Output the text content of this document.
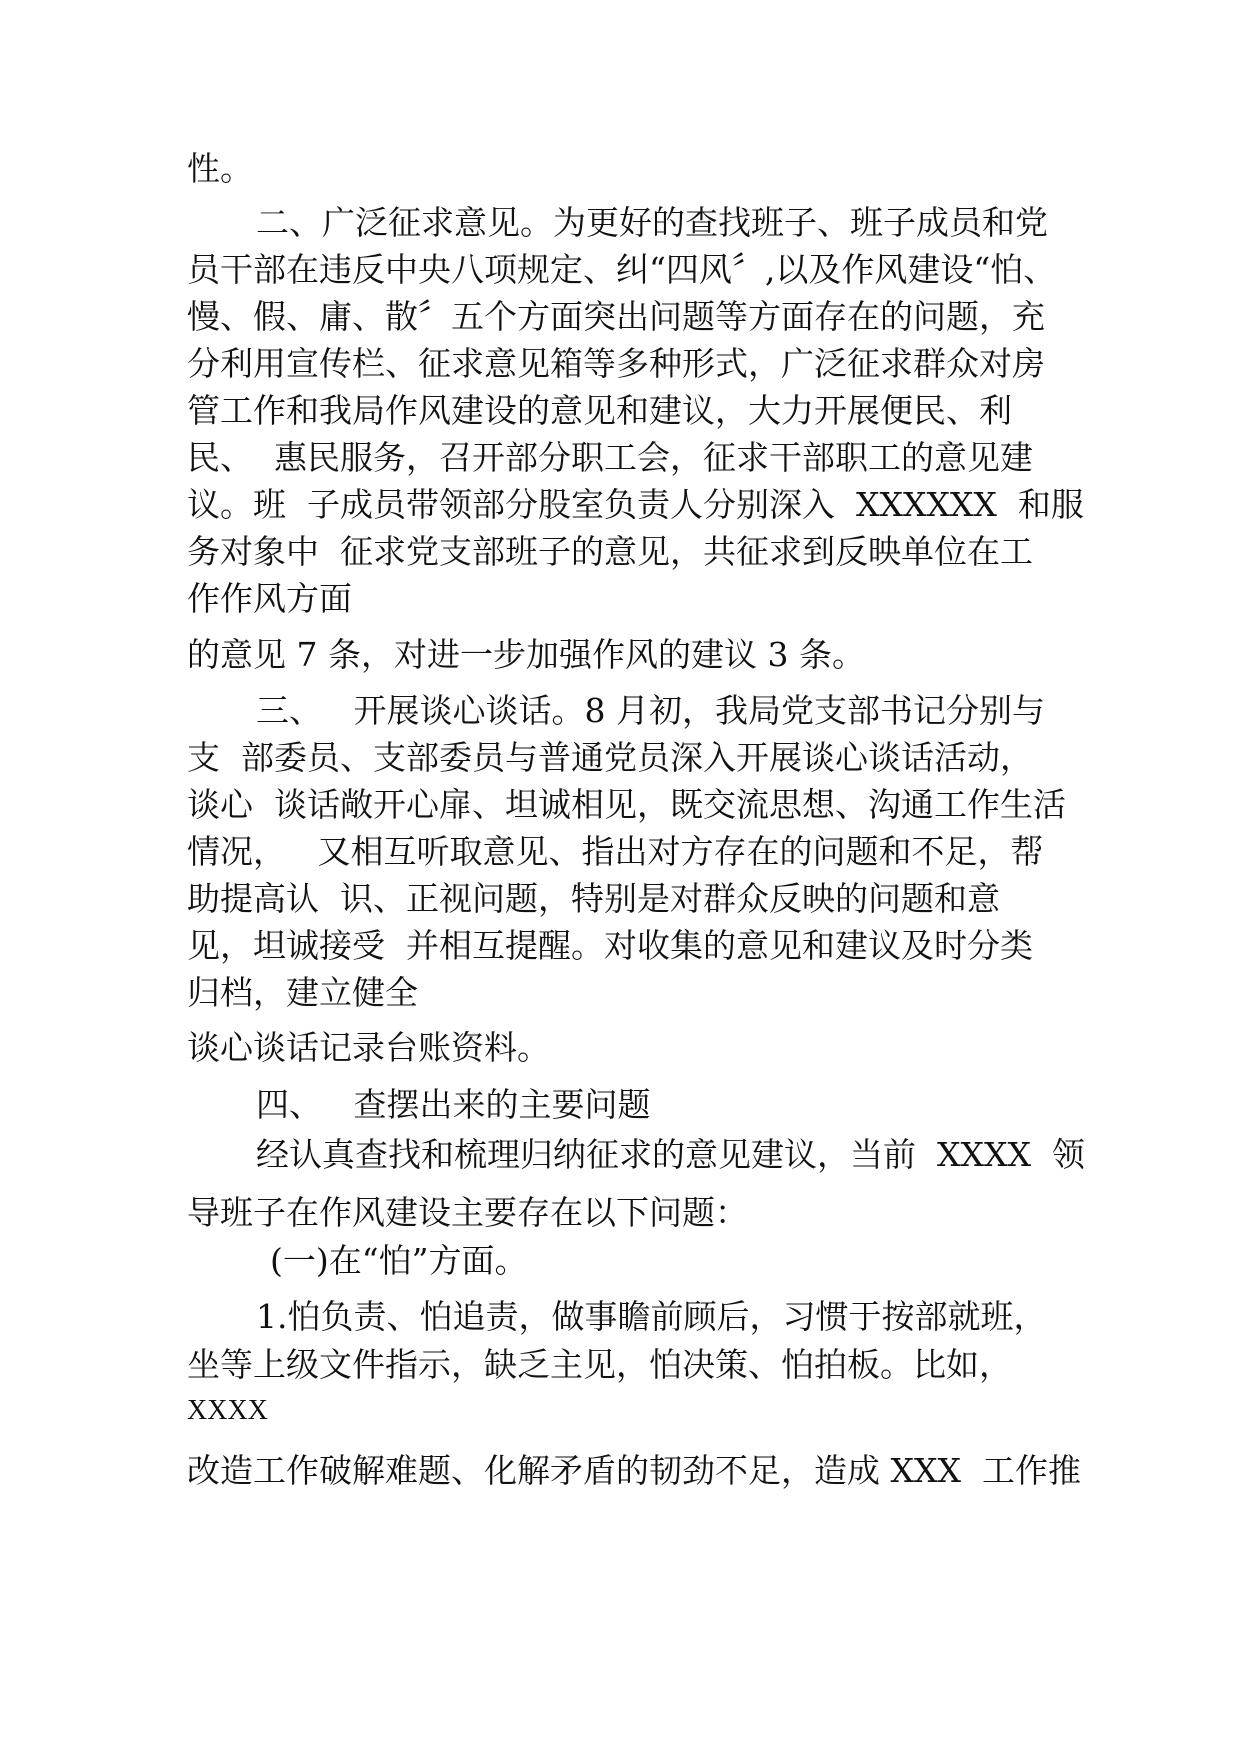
性。

二、广泛征求意见。为更好的查找班子、班子成员和党

员干部在违反中央八项规定、纠“四风〞,以及作风建设“怕、

慢、假、庸、散〞五个方面突出问题等方面存在的问题，充

分利用宣传栏、征求意见箱等多种形式，广泛征求群众对房

管工作和我局作风建设的意见和建议，大力开展便民、利

民、  惠民服务，召开部分职工会，征求干部职工的意见建

议。班  子成员带领部分股室负责人分别深入  XXXXXX  和服

务对象中  征求党支部班子的意见，共征求到反映单位在工

作作风方面

的意见 7 条，对进一步加强作风的建议 3 条。

三、   开展谈心谈话。8 月初，我局党支部书记分别与

支  部委员、支部委员与普通党员深入开展谈心谈话活动，

谈心  谈话敞开心扉、坦诚相见，既交流思想、沟通工作生活

情况，   又相互听取意见、指出对方存在的问题和不足，帮

助提高认  识、正视问题，特别是对群众反映的问题和意

见，坦诚接受  并相互提醒。对收集的意见和建议及时分类

归档，建立健全

谈心谈话记录台账资料。

四、   查摆出来的主要问题

经认真查找和梳理归纳征求的意见建议，当前  XXXX  领

导班子在作风建设主要存在以下问题：

(一)在“怕”方面。

1.怕负责、怕追责，做事瞻前顾后，习惯于按部就班，

坐等上级文件指示，缺乏主见，怕决策、怕拍板。比如，

XXXX

改造工作破解难题、化解矛盾的韧劲不足，造成 XXX  工作推
